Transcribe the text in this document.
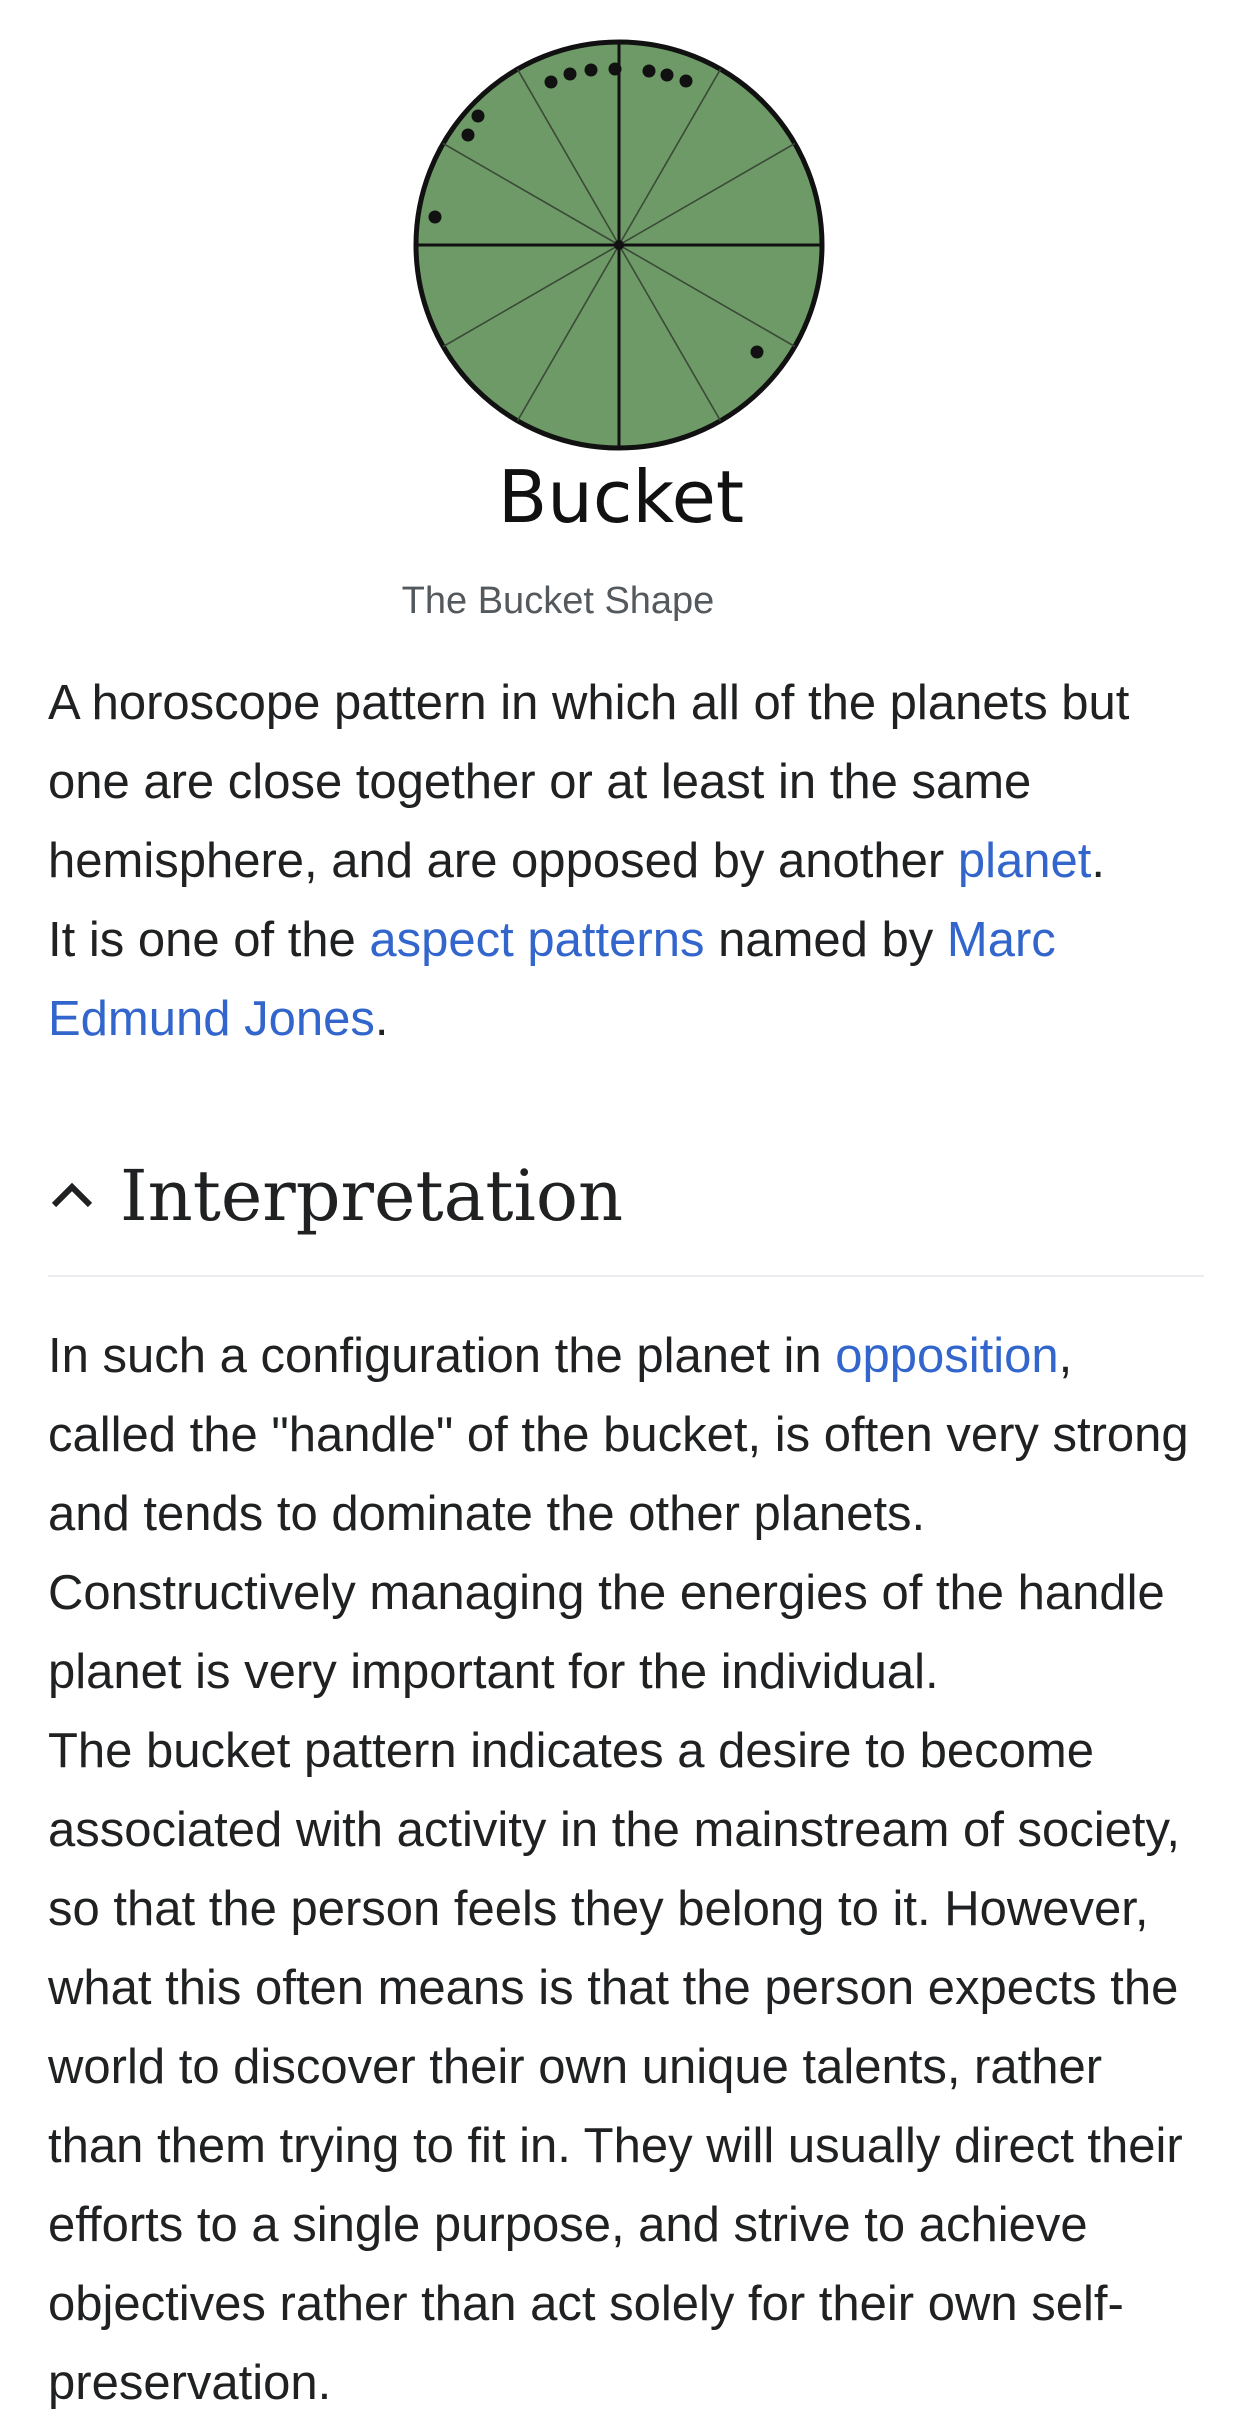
Bucket
The Bucket Shape

A horoscope pattern in which all of the planets but one are close together or at least in the same hemisphere, and are opposed by another planet.

It is one of the aspect patterns named by Marc Edmund Jones.

Interpretation

In such a configuration the planet in opposition, called the "handle" of the bucket, is often very strong and tends to dominate the other planets.

Constructively managing the energies of the handle planet is very important for the individual.

The bucket pattern indicates a desire to become associated with activity in the mainstream of society, so that the person feels they belong to it. However, what this often means is that the person expects the world to discover their own unique talents, rather than them trying to fit in. They will usually direct their efforts to a single purpose, and strive to achieve objectives rather than act solely for their own self-preservation.
